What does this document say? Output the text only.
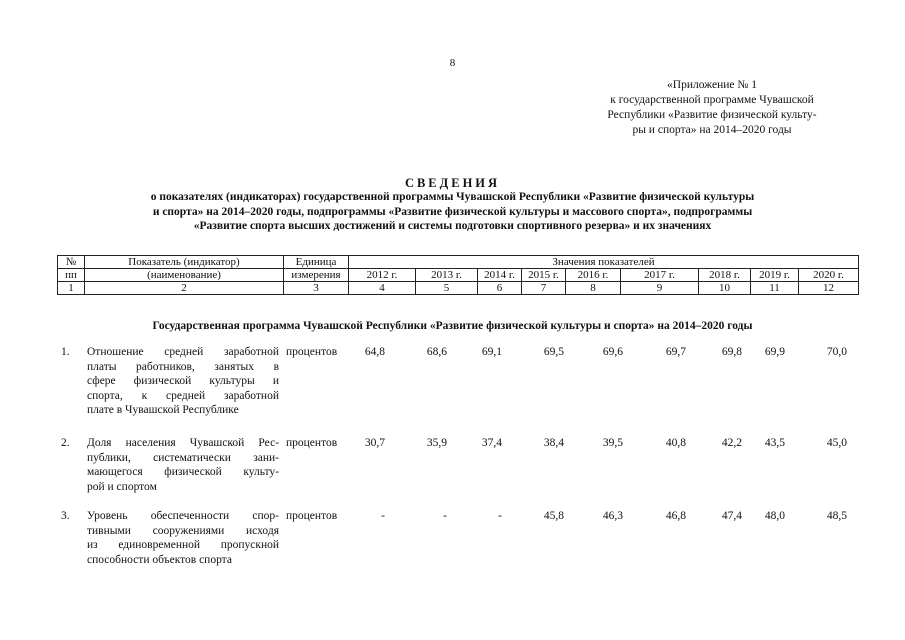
8
«Приложение № 1
к государственной программе Чувашской
Республики «Развитие физической культу-
ры и спорта» на 2014–2020 годы
СВЕДЕНИЯ
о показателях (индикаторах) государственной программы Чувашской Республики «Развитие физической культуры
и спорта» на 2014–2020 годы, подпрограммы «Развитие физической культуры и массового спорта», подпрограммы
«Развитие спорта высших достижений и системы подготовки спортивного резерва» и их значениях
№	Показатель (индикатор)	Единица	Значения показателей								
пп	(наименование)	измерения	2012 г.	2013 г.	2014 г.	2015 г.	2016 г.	2017 г.	2018 г.	2019 г.	2020 г.
1	2	3	4	5	6	7	8	9	10	11	12
Государственная программа Чувашской Республики «Развитие физической культуры и спорта» на 2014–2020 годы
1. Отношение средней заработной
платы работников, занятых в
сфере физической культуры и
спорта, к средней заработной
плате в Чувашской Республике
процентов	64,8	68,6	69,1	69,5	69,6	69,7	69,8	69,9	70,0
2. Доля населения Чувашской Рес-
публики, систематически зани-
мающегося физической культу-
рой и спортом
процентов	30,7	35,9	37,4	38,4	39,5	40,8	42,2	43,5	45,0
3. Уровень обеспеченности спор-
тивными сооружениями исходя
из единовременной пропускной
способности объектов спорта
процентов	-	-	-	45,8	46,3	46,8	47,4	48,0	48,5
